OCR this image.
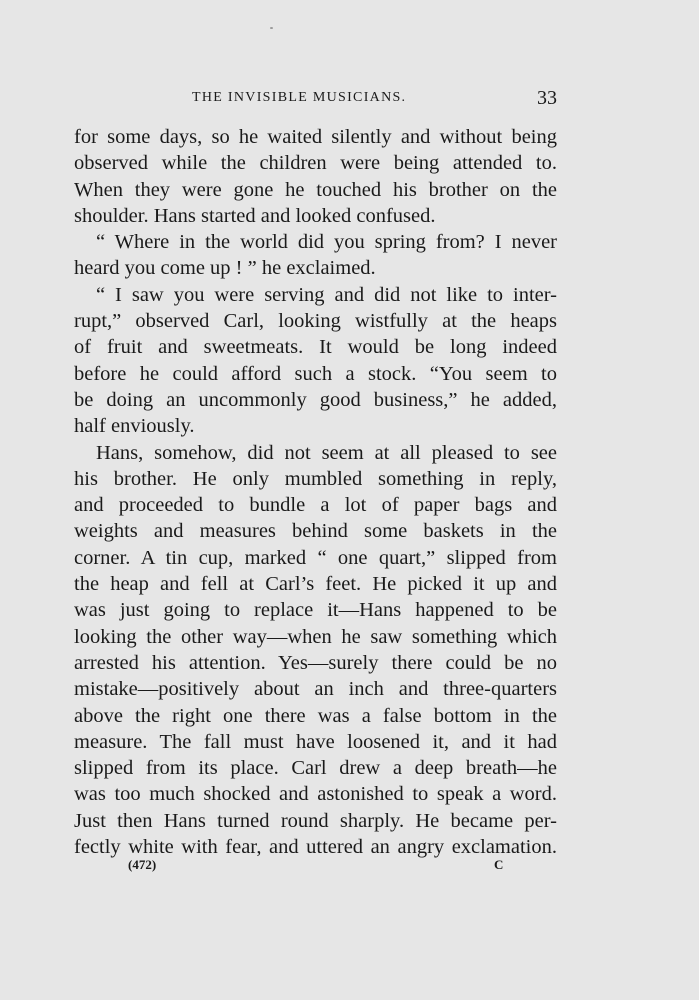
THE INVISIBLE MUSICIANS.	33
for some days, so he waited silently and without being
observed while the children were being attended to.
When they were gone he touched his brother on the
shoulder. Hans started and looked confused.
“ Where in the world did you spring from? I never
heard you come up ! ” he exclaimed.
“ I saw you were serving and did not like to inter-
rupt,” observed Carl, looking wistfully at the heaps
of fruit and sweetmeats. It would be long indeed
before he could afford such a stock. “You seem to
be doing an uncommonly good business,” he added,
half enviously.
Hans, somehow, did not seem at all pleased to see
his brother. He only mumbled something in reply,
and proceeded to bundle a lot of paper bags and
weights and measures behind some baskets in the
corner. A tin cup, marked “ one quart,” slipped from
the heap and fell at Carl’s feet. He picked it up and
was just going to replace it—Hans happened to be
looking the other way—when he saw something which
arrested his attention. Yes—surely there could be no
mistake—positively about an inch and three-quarters
above the right one there was a false bottom in the
measure. The fall must have loosened it, and it had
slipped from its place. Carl drew a deep breath—he
was too much shocked and astonished to speak a word.
Just then Hans turned round sharply. He became per-
fectly white with fear, and uttered an angry exclamation.
(472)	C
